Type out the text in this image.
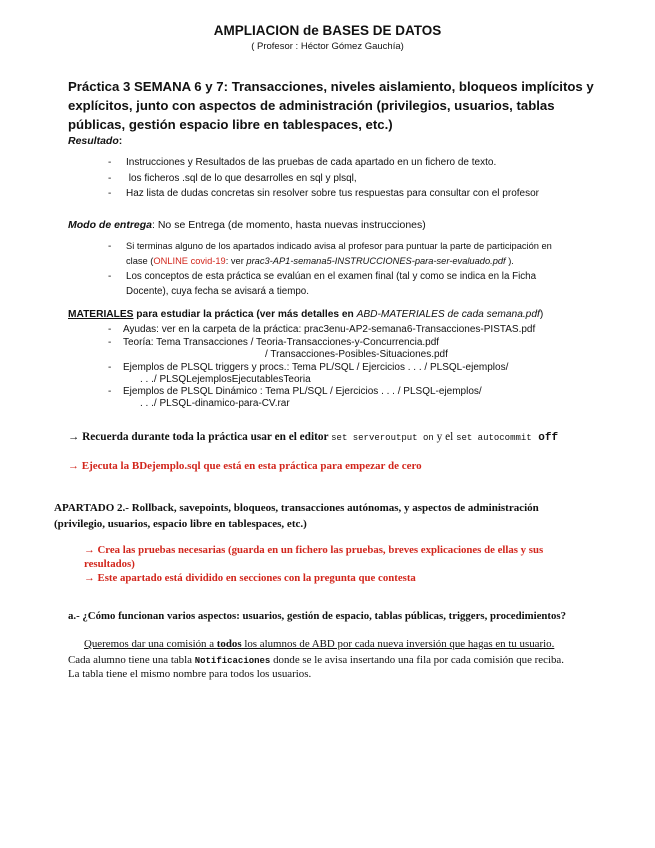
AMPLIACION de BASES DE DATOS
( Profesor : Héctor Gómez Gauchía)
Práctica 3 SEMANA 6 y 7: Transacciones, niveles aislamiento, bloqueos implícitos y
explícitos, junto con aspectos de administración (privilegios, usuarios, tablas
públicas, gestión espacio libre en tablespaces, etc.)
Resultado:
- Instrucciones y Resultados de las pruebas de cada apartado en un fichero de texto.
- los ficheros .sql de lo que desarrolles en sql y plsql,
- Haz lista de dudas concretas sin resolver sobre tus respuestas para consultar con el profesor
Modo de entrega: No se Entrega (de momento, hasta nuevas instrucciones)
- Si terminas alguno de los apartados indicado avisa al profesor para puntuar la parte de participación en
clase (ONLINE covid-19: ver prac3-AP1-semana5-INSTRUCCIONES-para-ser-evaluado.pdf ).
- Los conceptos de esta práctica se evalúan en el examen final (tal y como se indica en la Ficha
Docente), cuya fecha se avisará a tiempo.
MATERIALES para estudiar la práctica (ver más detalles en ABD-MATERIALES de cada semana.pdf)
- Ayudas: ver en la carpeta de la práctica: prac3enu-AP2-semana6-Transacciones-PISTAS.pdf
- Teoría: Tema Transacciones / Teoria-Transacciones-y-Concurrencia.pdf
/ Transacciones-Posibles-Situaciones.pdf
- Ejemplos de PLSQL triggers y procs.: Tema PL/SQL / Ejercicios . . . / PLSQL-ejemplos/
. . ./ PLSQLejemplosEjecutablesTeoria
- Ejemplos de PLSQL Dinámico : Tema PL/SQL / Ejercicios . . . / PLSQL-ejemplos/
. . ./ PLSQL-dinamico-para-CV.rar
→ Recuerda durante toda la práctica usar en el editor set serveroutput on y el set autocommit off
→ Ejecuta la BDejemplo.sql que está en esta práctica para empezar de cero
APARTADO 2.- Rollback, savepoints, bloqueos, transacciones autónomas, y aspectos de administración
(privilegio, usuarios, espacio libre en tablespaces, etc.)
→ Crea las pruebas necesarias (guarda en un fichero las pruebas, breves explicaciones de ellas y sus
resultados)
→ Este apartado está dividido en secciones con la pregunta que contesta
a.- ¿Cómo funcionan varios aspectos: usuarios, gestión de espacio, tablas públicas, triggers, procedimientos?
Queremos dar una comisión a todos los alumnos de ABD por cada nueva inversión que hagas en tu usuario.
Cada alumno tiene una tabla Notificaciones donde se le avisa insertando una fila por cada comisión que reciba.
La tabla tiene el mismo nombre para todos los usuarios.
